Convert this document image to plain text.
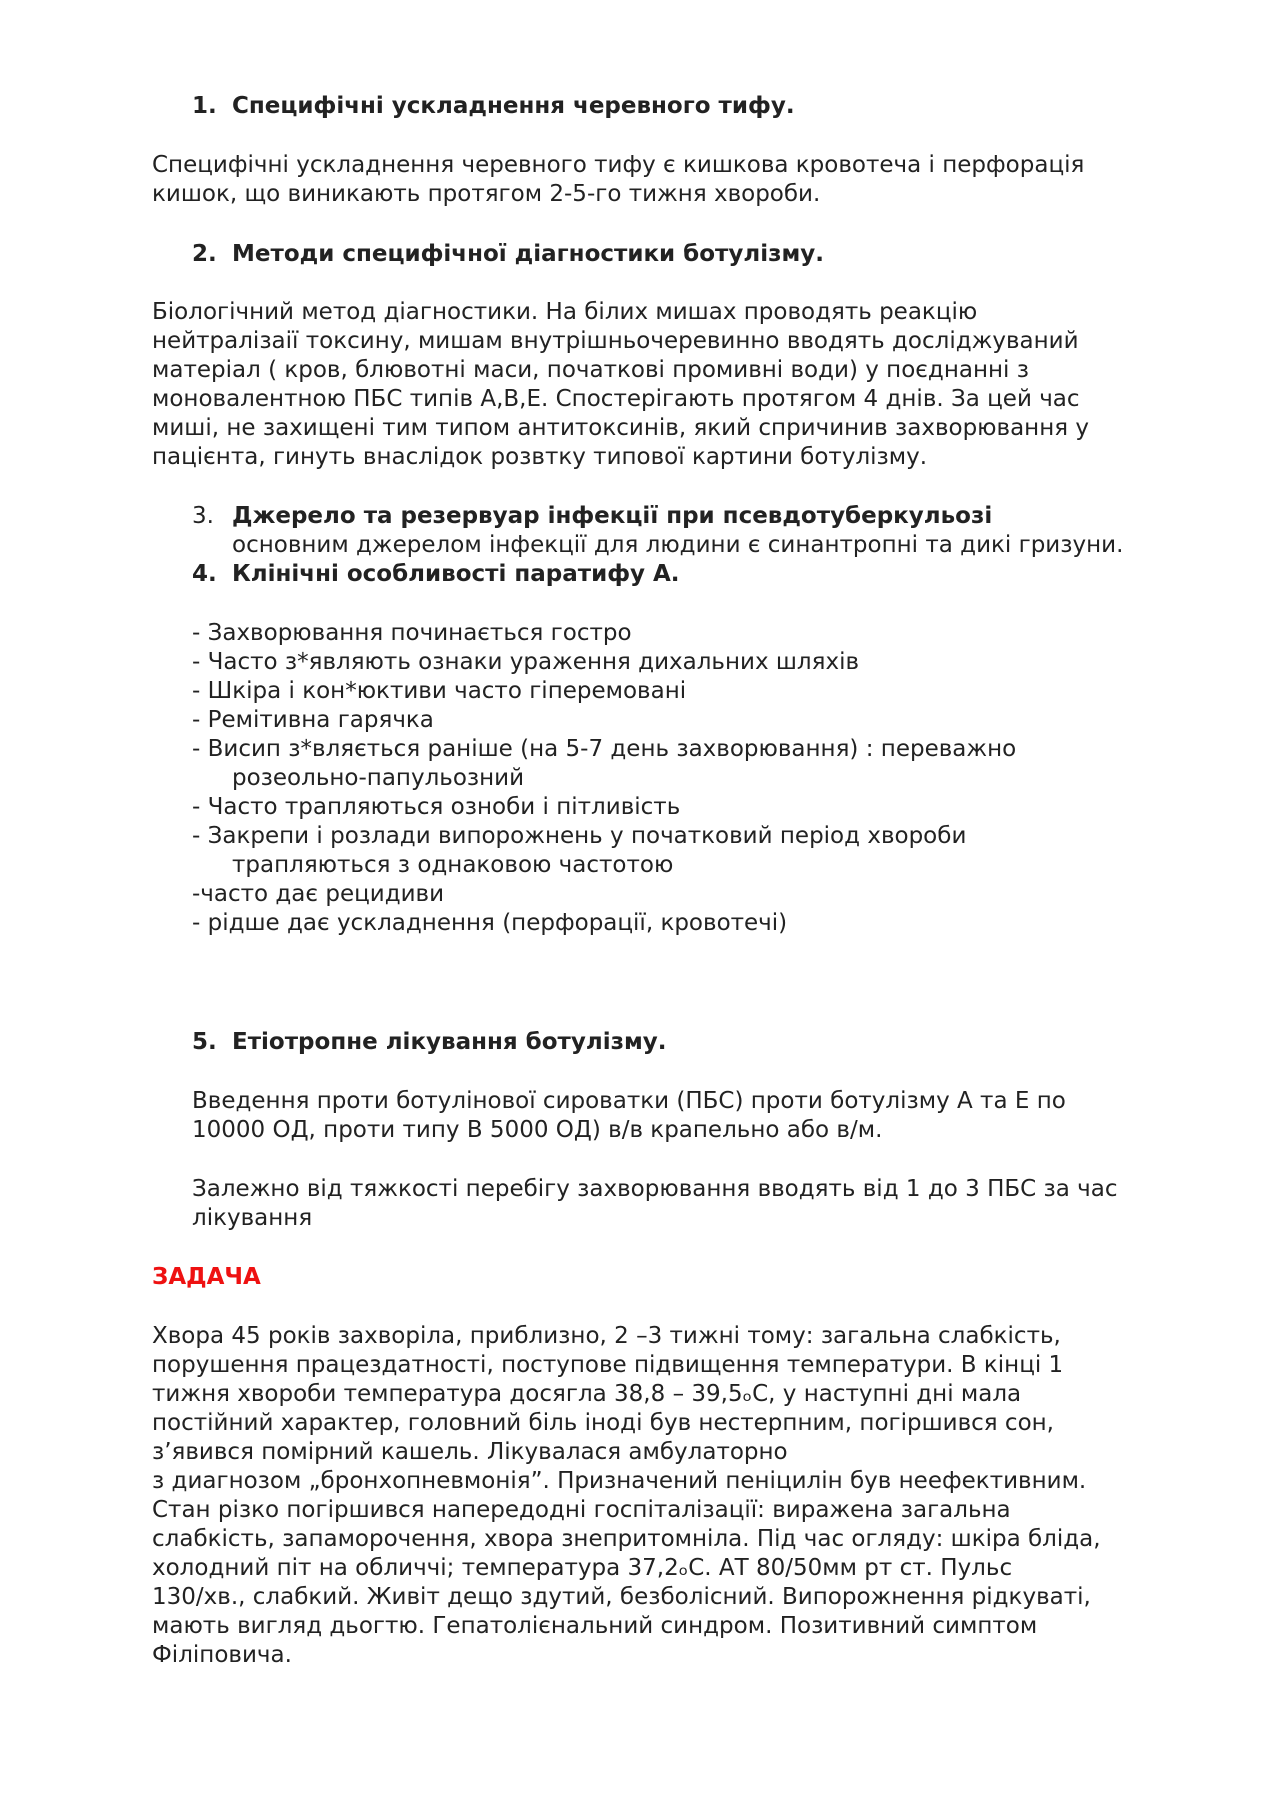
1. Специфічні ускладнення черевного тифу.
Специфічні ускладнення черевного тифу є кишкова кровотеча і перфорація
кишок, що виникають протягом 2-5-го тижня хвороби.
2. Методи специфічної діагностики ботулізму.
Біологічний метод діагностики. На білих мишах проводять реакцію
нейтралізаії токсину, мишам внутрішньочеревинно вводять досліджуваний
матеріал ( кров, блювотні маси, початкові промивні води) у поєднанні з
моновалентною ПБС типів А,В,Е. Спостерігають протягом 4 днів. За цей час
миші, не захищені тим типом антитоксинів, який спричинив захворювання у
пацієнта, гинуть внаслідок розвтку типової картини ботулізму.
3. Джерело та резервуар інфекції при псевдотуберкульозі
основним джерелом інфекції для людини є синантропні та дикі гризуни.
4. Клінічні особливості паратифу А.
- Захворювання починається гостро
- Часто з*являють ознаки ураження дихальних шляхів
- Шкіра і кон*юктиви часто гіперемовані
- Ремітивна гарячка
- Висип з*вляється раніше (на 5-7 день захворювання) : переважно
розеольно-папульозний
- Часто трапляються озноби і пітливість
- Закрепи і розлади випорожнень у початковий період хвороби
трапляються з однаковою частотою
-часто дає рецидиви
- рідше дає ускладнення (перфорації, кровотечі)
5. Етіотропне лікування ботулізму.
Введення проти ботулінової сироватки (ПБС) проти ботулізму А та Е по
10000 ОД, проти типу В 5000 ОД) в/в крапельно або в/м.
Залежно від тяжкості перебігу захворювання вводять від 1 до 3 ПБС за час
лікування
ЗАДАЧА
Хвора 45 років захворіла, приблизно, 2 –3 тижні тому: загальна слабкість,
порушення працездатності, поступове підвищення температури. В кінці 1
тижня хвороби температура досягла 38,8 – 39,5ₒС, у наступні дні мала
постійний характер, головний біль іноді був нестерпним, погіршився сон,
з’явився помірний кашель. Лікувалася амбулаторно
з диагнозом „бронхопневмонія”. Призначений пеніцилін був неефективним.
Стан різко погіршився напередодні госпіталізації: виражена загальна
слабкість, запаморочення, хвора знепритомніла. Під час огляду: шкіра бліда,
холодний піт на обличчі; температура 37,2ₒС. АТ 80/50мм рт ст. Пульс
130/хв., слабкий. Живіт дещо здутий, безболісний. Випорожнення рідкуваті,
мають вигляд дьогтю. Гепатолієнальний синдром. Позитивний симптом
Філіповича.
